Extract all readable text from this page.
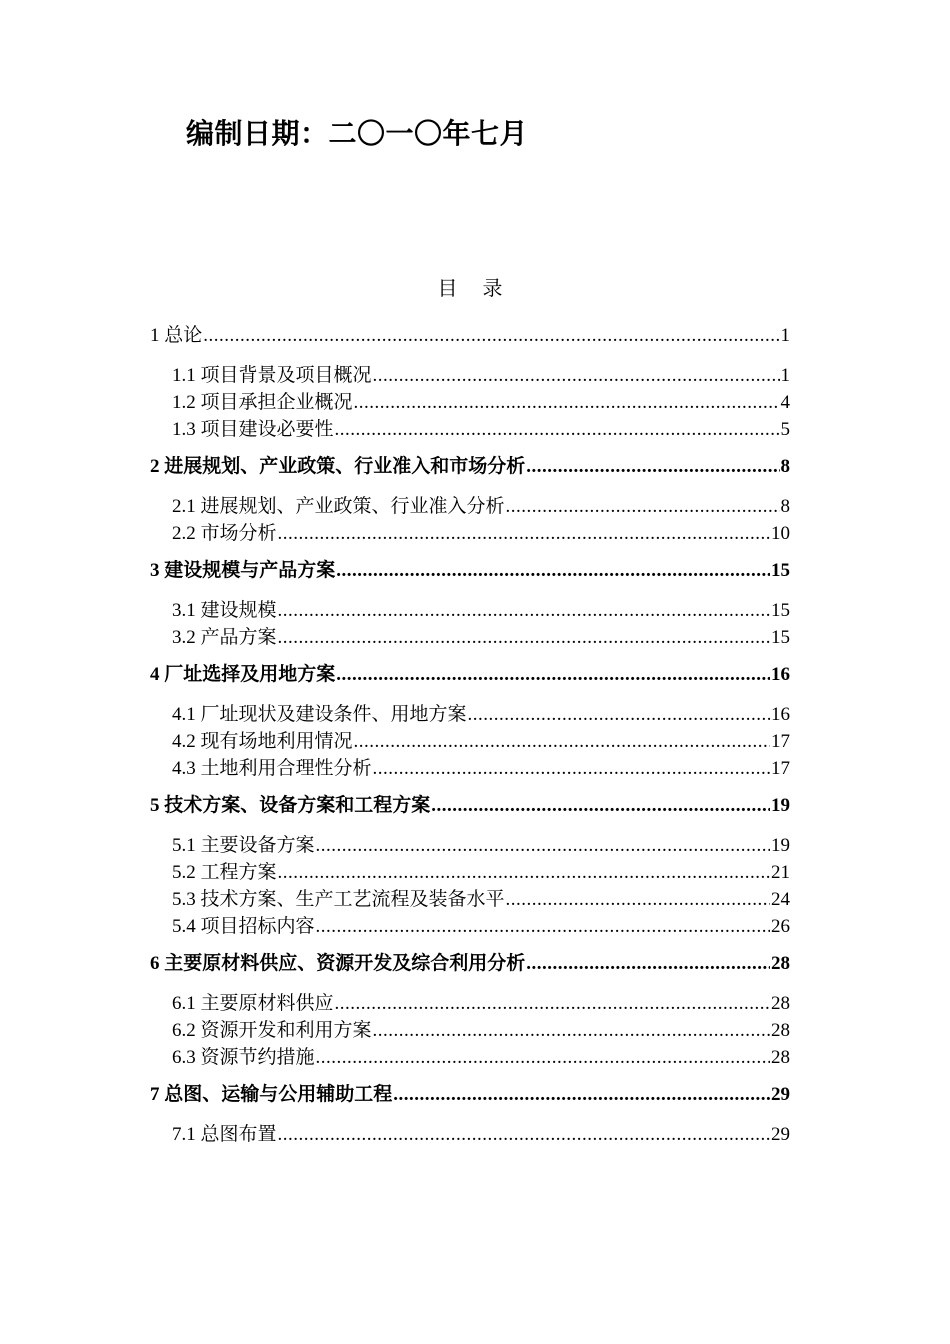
编制日期：二〇一〇年七月
目 录
1 总论 .....	1
1.1 项目背景及项目概况 .....	1
1.2 项目承担企业概况 .....	4
1.3 项目建设必要性 .....	5
2 进展规划、产业政策、行业准入和市场分析 .....	8
2.1 进展规划、产业政策、行业准入分析 .....	8
2.2 市场分析 .....	10
3 建设规模与产品方案 .....	15
3.1 建设规模 .....	15
3.2 产品方案 .....	15
4 厂址选择及用地方案 .....	16
4.1 厂址现状及建设条件、用地方案 .....	16
4.2 现有场地利用情况 .....	17
4.3 土地利用合理性分析 .....	17
5 技术方案、设备方案和工程方案 .....	19
5.1 主要设备方案 .....	19
5.2 工程方案 .....	21
5.3 技术方案、生产工艺流程及装备水平 .....	24
5.4 项目招标内容 .....	26
6 主要原材料供应、资源开发及综合利用分析 .....	28
6.1 主要原材料供应 .....	28
6.2 资源开发和利用方案 .....	28
6.3 资源节约措施 .....	28
7 总图、运输与公用辅助工程 .....	29
7.1 总图布置 .....	29
